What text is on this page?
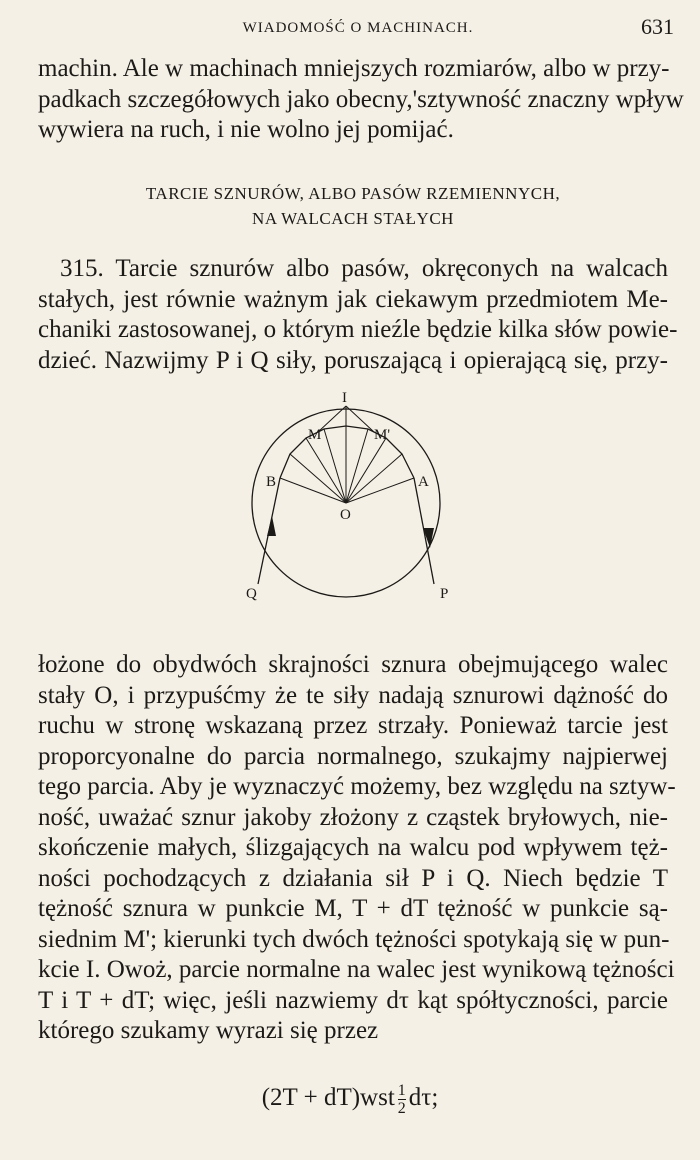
WIADOMOŚĆ O MACHINACH.	631
machin. Ale w machinach mniejszych rozmiarów, albo w przy-
padkach szczegółowych jako obecny,'sztywność znaczny wpływ
wywiera na ruch, i nie wolno jej pomijać.
TARCIE SZNURÓW, ALBO PASÓW RZEMIENNYCH,
NA WALCACH STAŁYCH
315. Tarcie sznurów albo pasów, okręconych na walcach
stałych, jest równie ważnym jak ciekawym przedmiotem Me-
chaniki zastosowanej, o którym nieźle będzie kilka słów powie-
dzieć. Nazwijmy P i Q siły, poruszającą i opierającą się, przy-
M
I
M'
B	A
O
Q	P
łożone do obydwóch skrajności sznura obejmującego walec
stały O, i przypuśćmy że te siły nadają sznurowi dążność do
ruchu w stronę wskazaną przez strzały. Ponieważ tarcie jest
proporcyonalne do parcia normalnego, szukajmy najpierwej
tego parcia. Aby je wyznaczyć możemy, bez względu na sztyw-
ność, uważać sznur jakoby złożony z cząstek bryłowych, nie-
skończenie małych, ślizgających na walcu pod wpływem tęż-
ności pochodzących z działania sił P i Q. Niech będzie T
tężność sznura w punkcie M, T + dT tężność w punkcie są-
siednim M'; kierunki tych dwóch tężności spotykają się w pun-
kcie I. Owoż, parcie normalne na walec jest wynikową tężności
T i T + dT; więc, jeśli nazwiemy dτ kąt spółtyczności, parcie
którego szukamy wyrazi się przez
$(2T + dT)wst \frac{1}{2} d\tau$;
